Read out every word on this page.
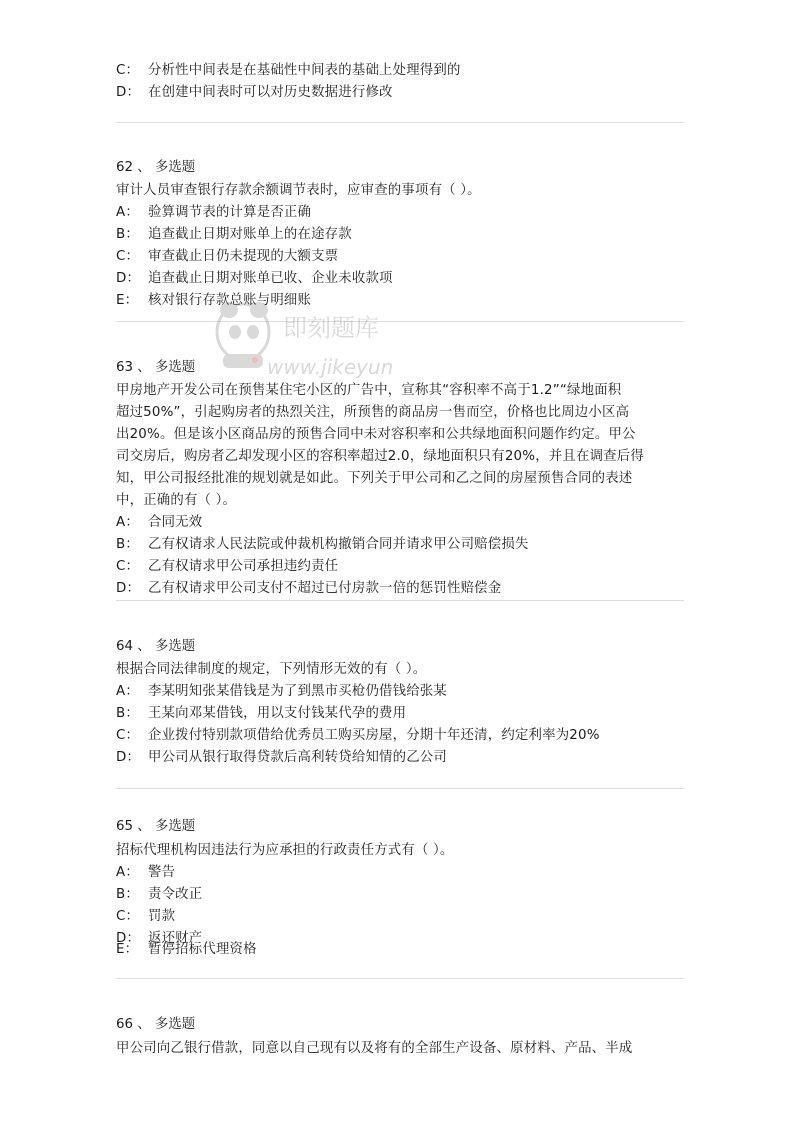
C： 分析性中间表是在基础性中间表的基础上处理得到的
D： 在创建中间表时可以对历史数据进行修改
62 、 多选题
审计人员审查银行存款余额调节表时，应审查的事项有（ ）。
A： 验算调节表的计算是否正确
B： 追查截止日期对账单上的在途存款
C： 审查截止日仍未提现的大额支票
D： 追查截止日期对账单已收、企业未收款项
E： 核对银行存款总账与明细账
63 、 多选题
甲房地产开发公司在预售某住宅小区的广告中，宣称其“容积率不高于1.2”“绿地面积
超过50%”，引起购房者的热烈关注，所预售的商品房一售而空，价格也比周边小区高
出20%。但是该小区商品房的预售合同中未对容积率和公共绿地面积问题作约定。甲公
司交房后，购房者乙却发现小区的容积率超过2.0，绿地面积只有20%，并且在调查后得
知，甲公司报经批准的规划就是如此。下列关于甲公司和乙之间的房屋预售合同的表述
中，正确的有（ ）。
A： 合同无效
B： 乙有权请求人民法院或仲裁机构撤销合同并请求甲公司赔偿损失
C： 乙有权请求甲公司承担违约责任
D： 乙有权请求甲公司支付不超过已付房款一倍的惩罚性赔偿金
64 、 多选题
根据合同法律制度的规定，下列情形无效的有（ ）。
A： 李某明知张某借钱是为了到黑市买枪仍借钱给张某
B： 王某向邓某借钱，用以支付钱某代孕的费用
C： 企业拨付特别款项借给优秀员工购买房屋，分期十年还清，约定利率为20%
D： 甲公司从银行取得贷款后高利转贷给知情的乙公司
65 、 多选题
招标代理机构因违法行为应承担的行政责任方式有（ ）。
A： 警告
B： 责令改正
C： 罚款
D： 返还财产
E： 暂停招标代理资格
66 、 多选题
甲公司向乙银行借款，同意以自己现有以及将有的全部生产设备、原材料、产品、半成
即刻题库
www.jikeyun
